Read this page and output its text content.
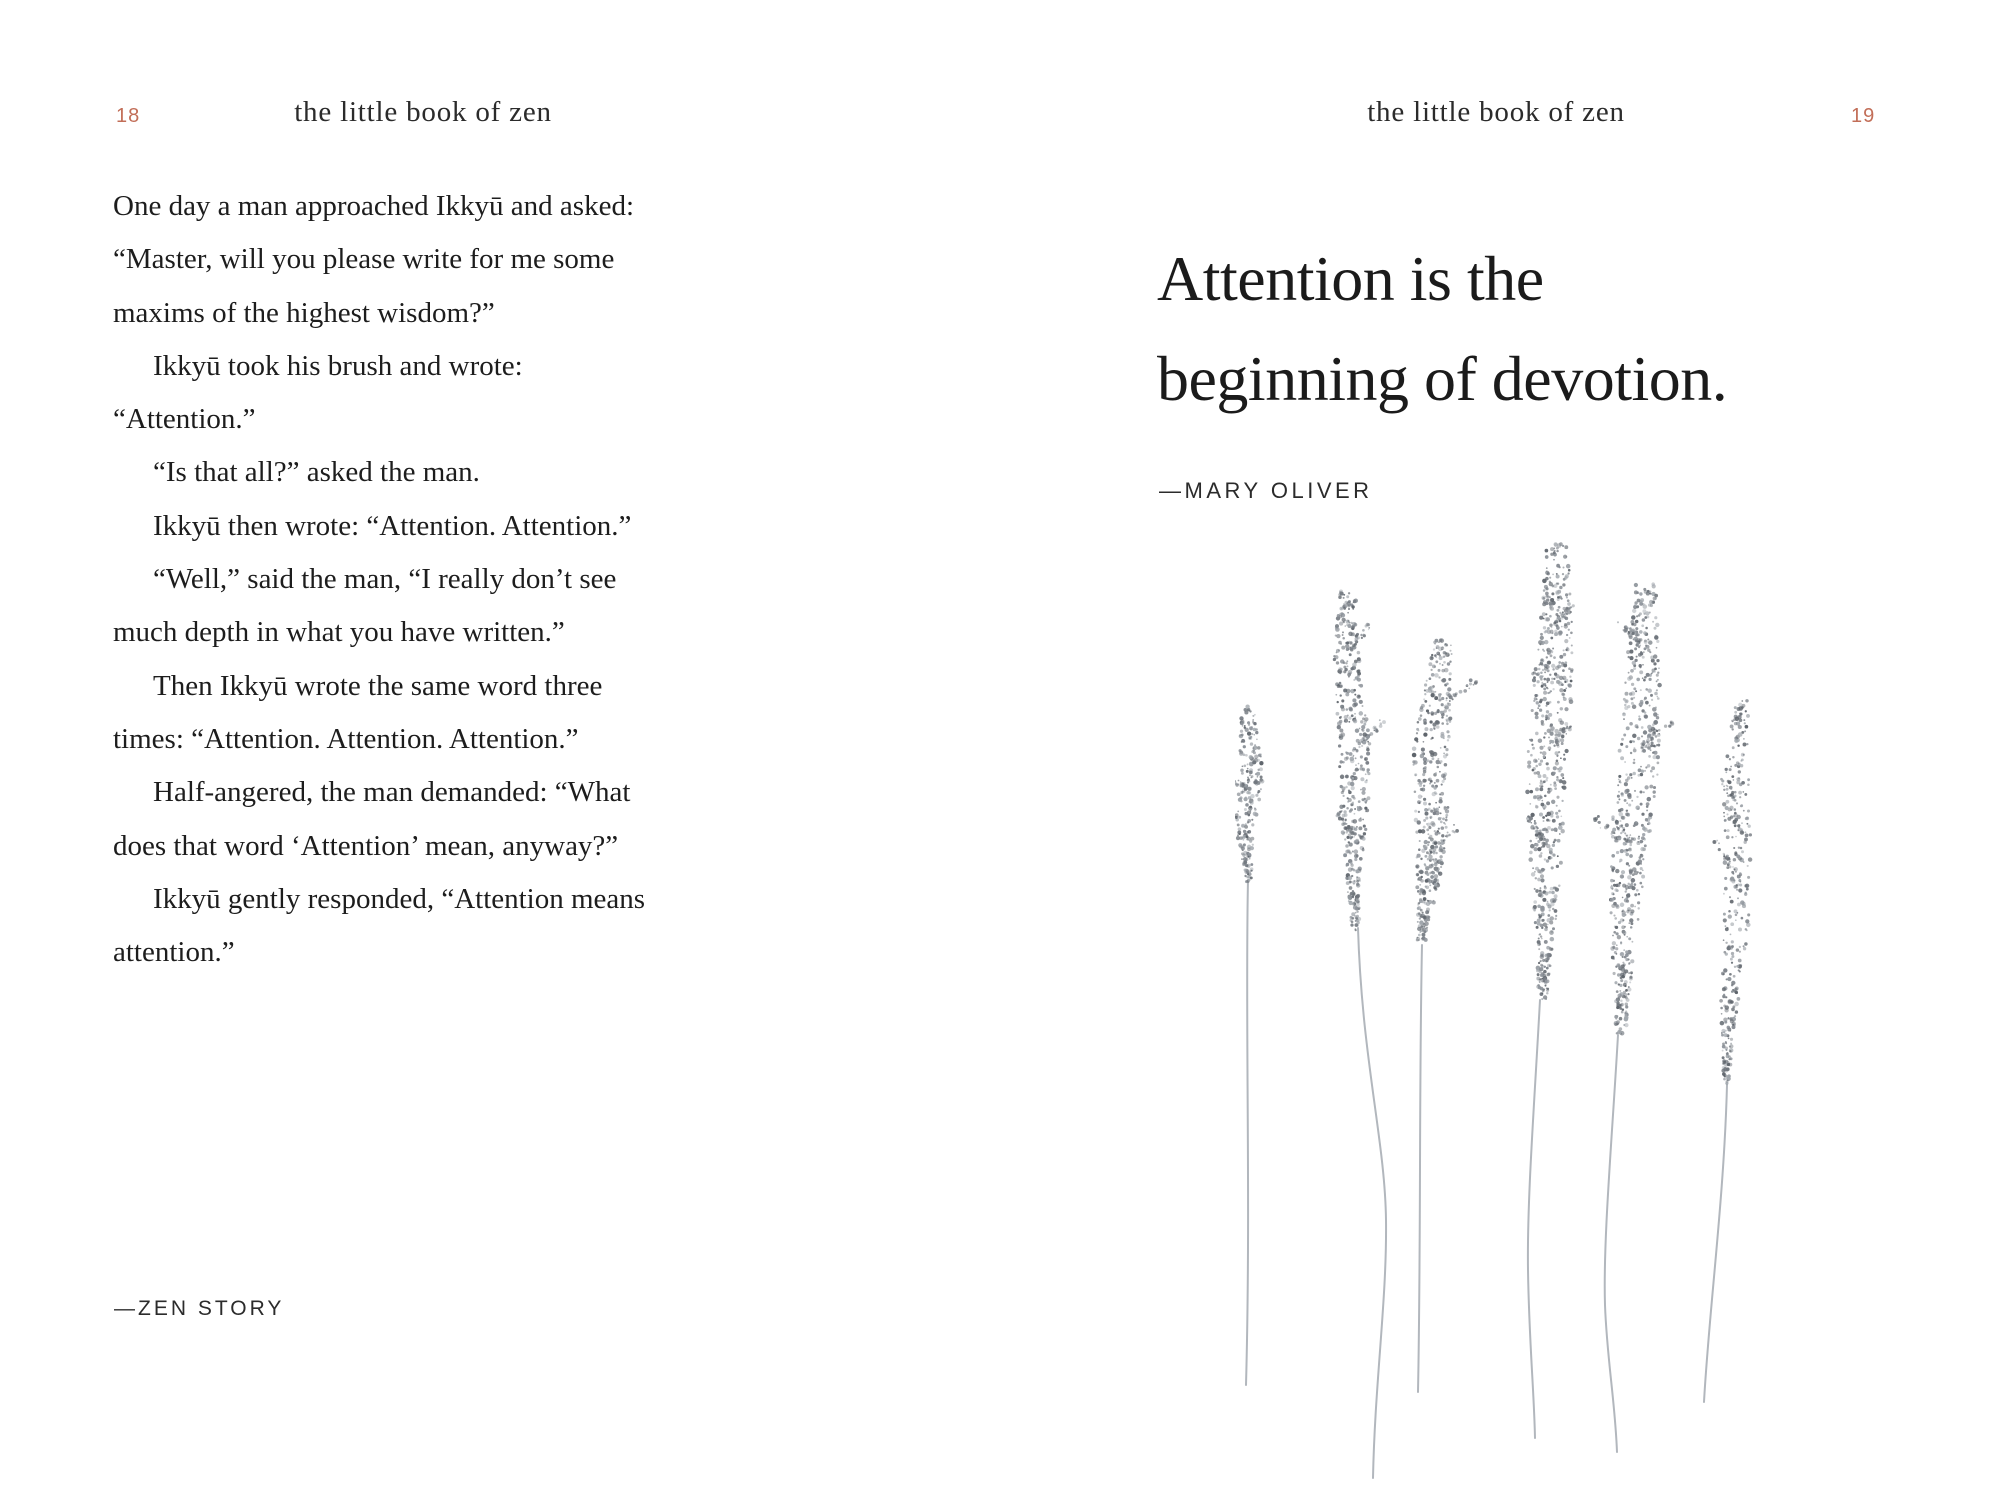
18	the little book of zen
One day a man approached Ikkyū and asked:
“Master, will you please write for me some
maxims of the highest wisdom?”
Ikkyū took his brush and wrote:
“Attention.”
“Is that all?” asked the man.
Ikkyū then wrote: “Attention. Attention.”
“Well,” said the man, “I really don’t see
much depth in what you have written.”
Then Ikkyū wrote the same word three
times: “Attention. Attention. Attention.”
Half-angered, the man demanded: “What
does that word ‘Attention’ mean, anyway?”
Ikkyū gently responded, “Attention means
attention.”
—ZEN STORY
the little book of zen	19
Attention is the
beginning of devotion.
—MARY OLIVER
